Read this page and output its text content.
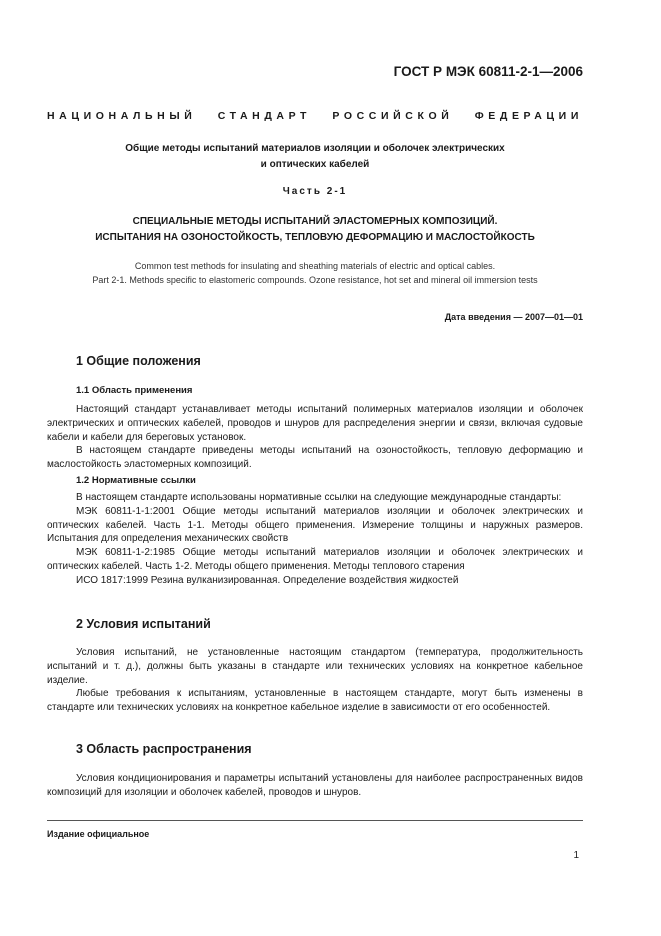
ГОСТ Р МЭК 60811-2-1—2006
НАЦИОНАЛЬНЫЙ СТАНДАРТ РОССИЙСКОЙ ФЕДЕРАЦИИ
Общие методы испытаний материалов изоляции и оболочек электрических
и оптических кабелей
Часть 2-1
СПЕЦИАЛЬНЫЕ МЕТОДЫ ИСПЫТАНИЙ ЭЛАСТОМЕРНЫХ КОМПОЗИЦИЙ.
ИСПЫТАНИЯ НА ОЗОНОСТОЙКОСТЬ, ТЕПЛОВУЮ ДЕФОРМАЦИЮ И МАСЛОСТОЙКОСТЬ
Common test methods for insulating and sheathing materials of electric and optical cables.
Part 2-1. Methods specific to elastomeric compounds. Ozone resistance, hot set and mineral oil immersion tests
Дата введения — 2007—01—01
1 Общие положения
1.1 Область применения

Настоящий стандарт устанавливает методы испытаний полимерных материалов изоляции и оболочек электрических и оптических кабелей, проводов и шнуров для распределения энергии и связи, включая судовые кабели и кабели для береговых установок.

В настоящем стандарте приведены методы испытаний на озоностойкость, тепловую деформацию и маслостойкость эластомерных композиций.

1.2 Нормативные ссылки

В настоящем стандарте использованы нормативные ссылки на следующие международные стандарты:

МЭК 60811-1-1:2001 Общие методы испытаний материалов изоляции и оболочек электрических и оптических кабелей. Часть 1-1. Методы общего применения. Измерение толщины и наружных размеров. Испытания для определения механических свойств

МЭК 60811-1-2:1985 Общие методы испытаний материалов изоляции и оболочек электрических и оптических кабелей. Часть 1-2. Методы общего применения. Методы теплового старения

ИСО 1817:1999 Резина вулканизированная. Определение воздействия жидкостей

2 Условия испытаний

Условия испытаний, не установленные настоящим стандартом (температура, продолжительность испытаний и т. д.), должны быть указаны в стандарте или технических условиях на конкретное кабельное изделие.

Любые требования к испытаниям, установленные в настоящем стандарте, могут быть изменены в стандарте или технических условиях на конкретное кабельное изделие в зависимости от его особенностей.

3 Область распространения

Условия кондиционирования и параметры испытаний установлены для наиболее распространенных видов композиций для изоляции и оболочек кабелей, проводов и шнуров.

Издание официальное
1
